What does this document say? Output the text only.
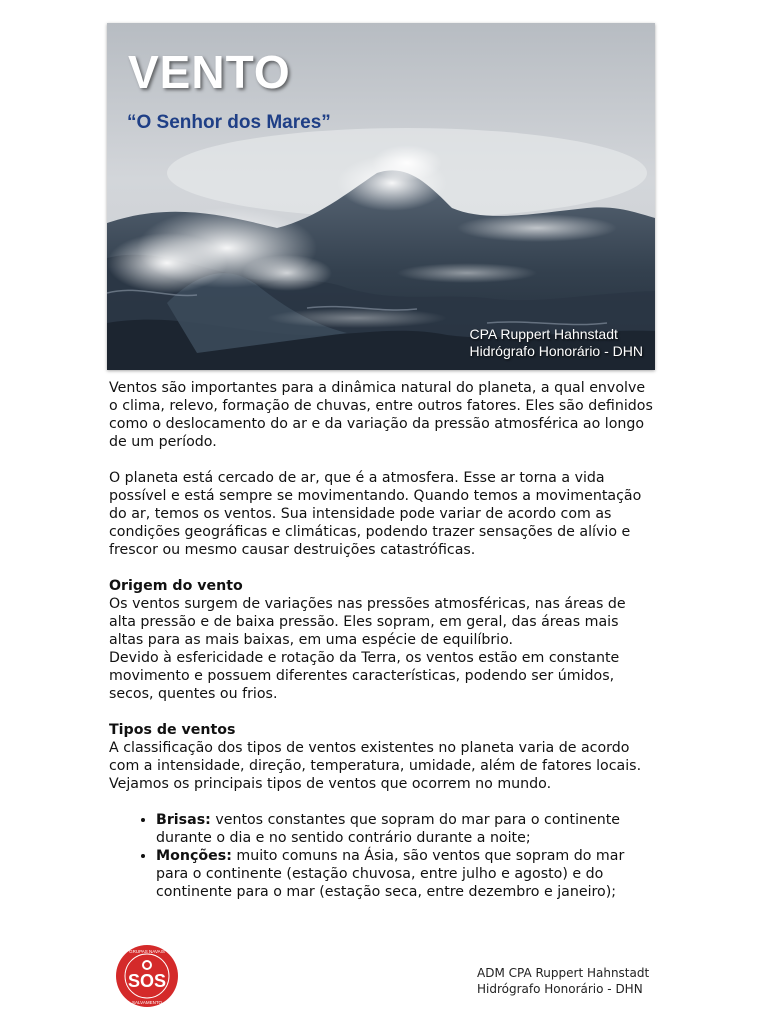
VENTO

“O Senhor dos Mares”

CPA Ruppert Hahnstadt
Hidrógrafo Honorário - DHN

Ventos são importantes para a dinâmica natural do planeta, a qual envolve o clima, relevo, formação de chuvas, entre outros fatores. Eles são definidos como o deslocamento do ar e da variação da pressão atmosférica ao longo de um período.

O planeta está cercado de ar, que é a atmosfera. Esse ar torna a vida possível e está sempre se movimentando. Quando temos a movimentação do ar, temos os ventos. Sua intensidade pode variar de acordo com as condições geográficas e climáticas, podendo trazer sensações de alívio e frescor ou mesmo causar destruições catastróficas.

Origem do vento
Os ventos surgem de variações nas pressões atmosféricas, nas áreas de alta pressão e de baixa pressão. Eles sopram, em geral, das áreas mais altas para as mais baixas, em uma espécie de equilíbrio.

Devido à esfericidade e rotação da Terra, os ventos estão em constante movimento e possuem diferentes características, podendo ser úmidos, secos, quentes ou frios.

Tipos de ventos

A classificação dos tipos de ventos existentes no planeta varia de acordo com a intensidade, direção, temperatura, umidade, além de fatores locais. Vejamos os principais tipos de ventos que ocorrem no mundo.

• Brisas: ventos constantes que sopram do mar para o continente durante o dia e no sentido contrário durante a noite;
• Monções: muito comuns na Ásia, são ventos que sopram do mar para o continente (estação chuvosa, entre julho e agosto) e do continente para o mar (estação seca, entre dezembro e janeiro);
SOS
GRUPAS NAVAIS
SALVAMENTO
ADM CPA Ruppert Hahnstadt
Hidrógrafo Honorário - DHN
